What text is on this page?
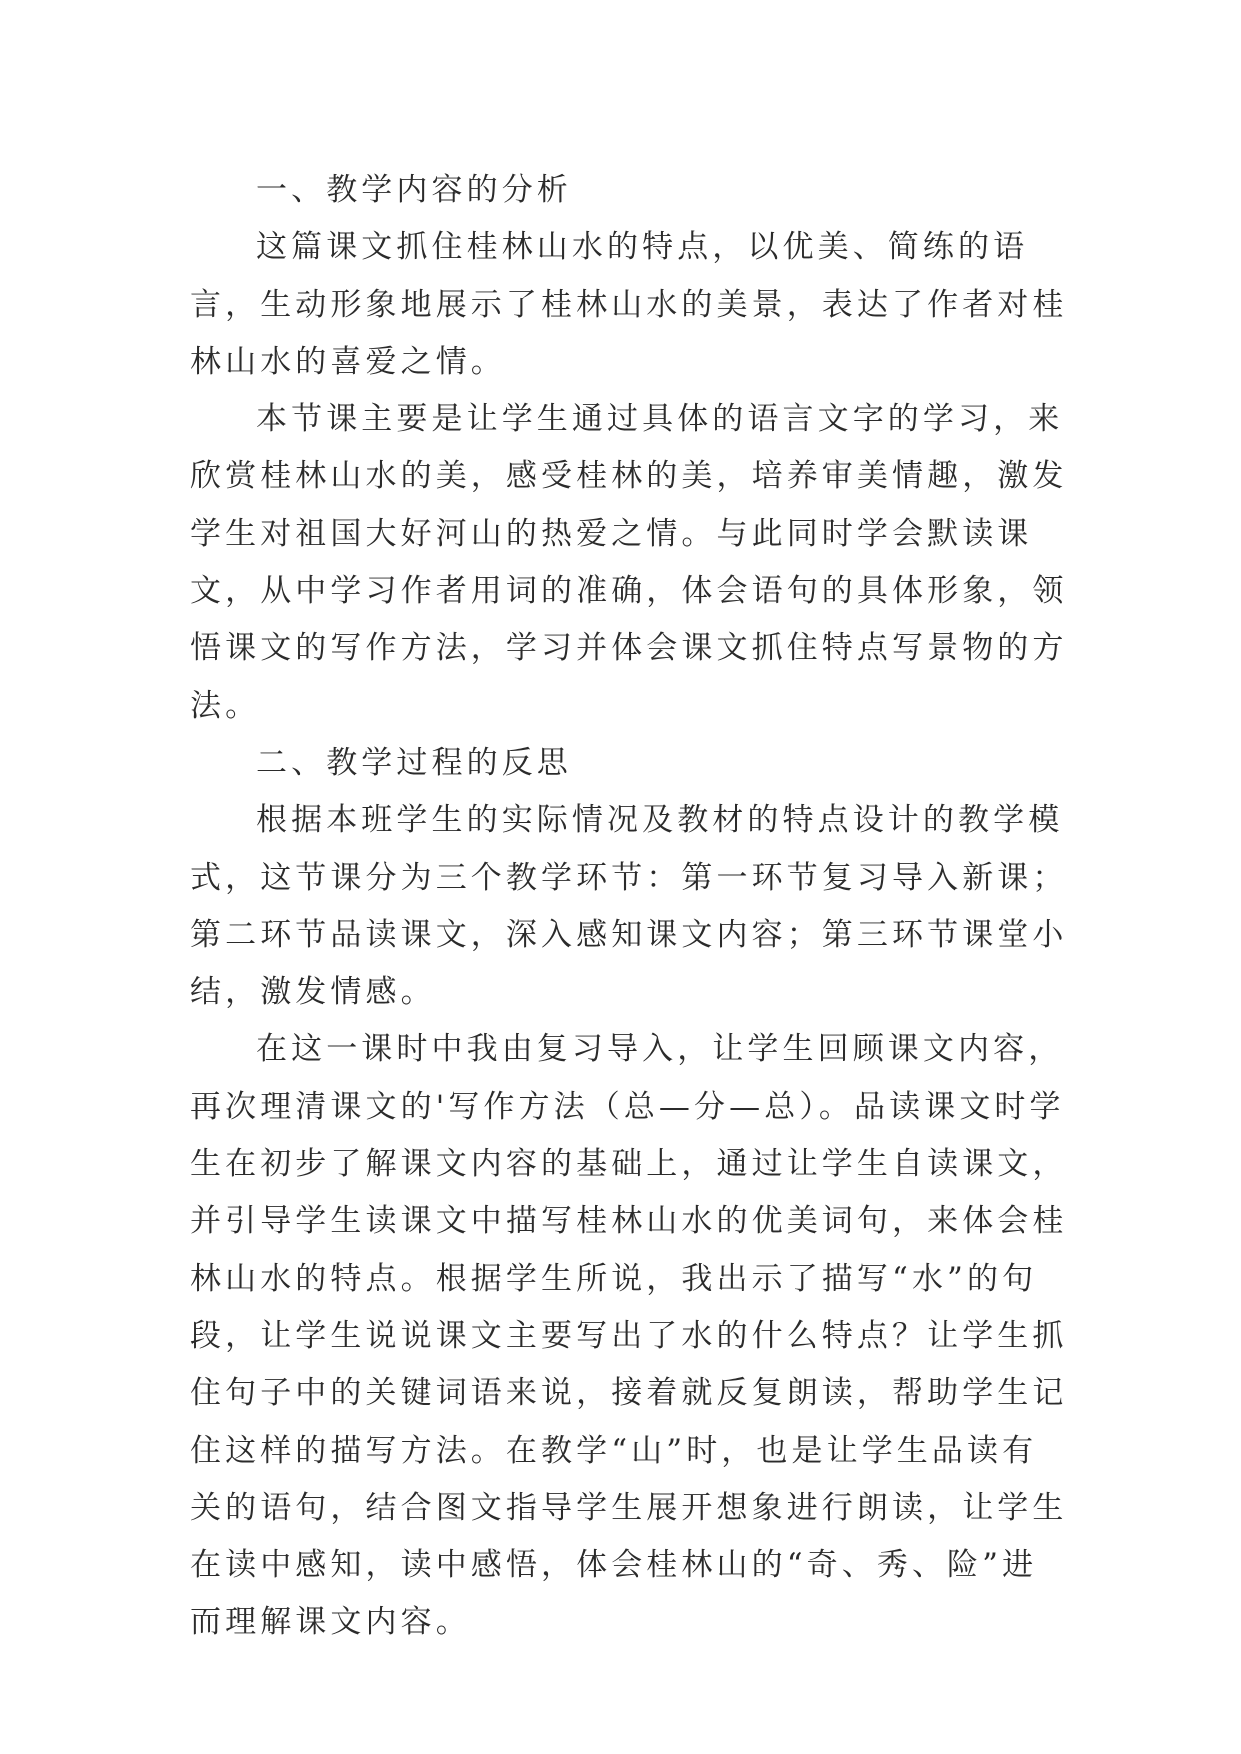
一、教学内容的分析

这篇课文抓住桂林山水的特点，以优美、简练的语言，生动形象地展示了桂林山水的美景，表达了作者对桂林山水的喜爱之情。

本节课主要是让学生通过具体的语言文字的学习，来欣赏桂林山水的美，感受桂林的美，培养审美情趣，激发学生对祖国大好河山的热爱之情。与此同时学会默读课文，从中学习作者用词的准确，体会语句的具体形象，领悟课文的写作方法，学习并体会课文抓住特点写景物的方法。

二、教学过程的反思

根据本班学生的实际情况及教材的特点设计的教学模式，这节课分为三个教学环节：第一环节复习导入新课；第二环节品读课文，深入感知课文内容；第三环节课堂小结，激发情感。

在这一课时中我由复习导入，让学生回顾课文内容，再次理清课文的'写作方法（总—分—总）。品读课文时学生在初步了解课文内容的基础上，通过让学生自读课文，并引导学生读课文中描写桂林山水的优美词句，来体会桂林山水的特点。根据学生所说，我出示了描写“水”的句段，让学生说说课文主要写出了水的什么特点？让学生抓住句子中的关键词语来说，接着就反复朗读，帮助学生记住这样的描写方法。在教学“山”时，也是让学生品读有关的语句，结合图文指导学生展开想象进行朗读，让学生在读中感知，读中感悟，体会桂林山的“奇、秀、险”进而理解课文内容。
